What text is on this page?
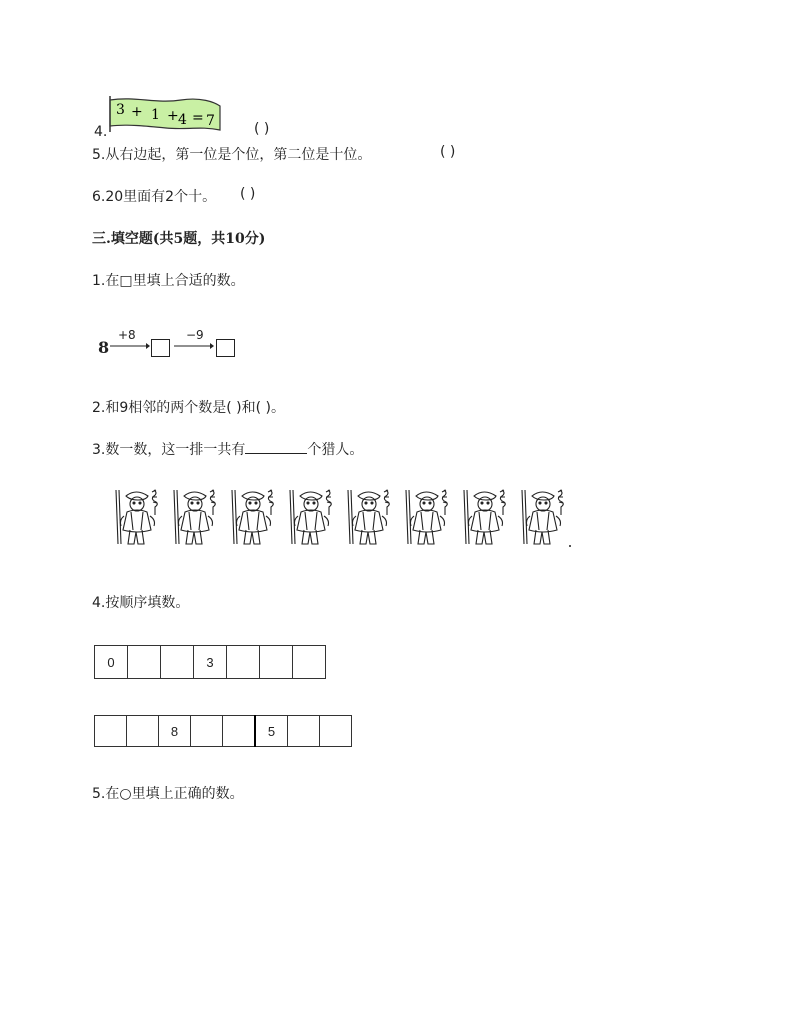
3 + 1 + 4 = 7
4.	( )
5.从右边起，第一位是个位，第二位是十位。	( )
6.20里面有2个十。 ( )
三.填空题(共5题，共10分)
1.在□里填上合适的数。
8
+8	−9
2.和9相邻的两个数是( )和( )。
3.数一数，这一排一共有	个猎人。
4.按顺序填数。
0			3			
		8			5		
5.在○里填上正确的数。
